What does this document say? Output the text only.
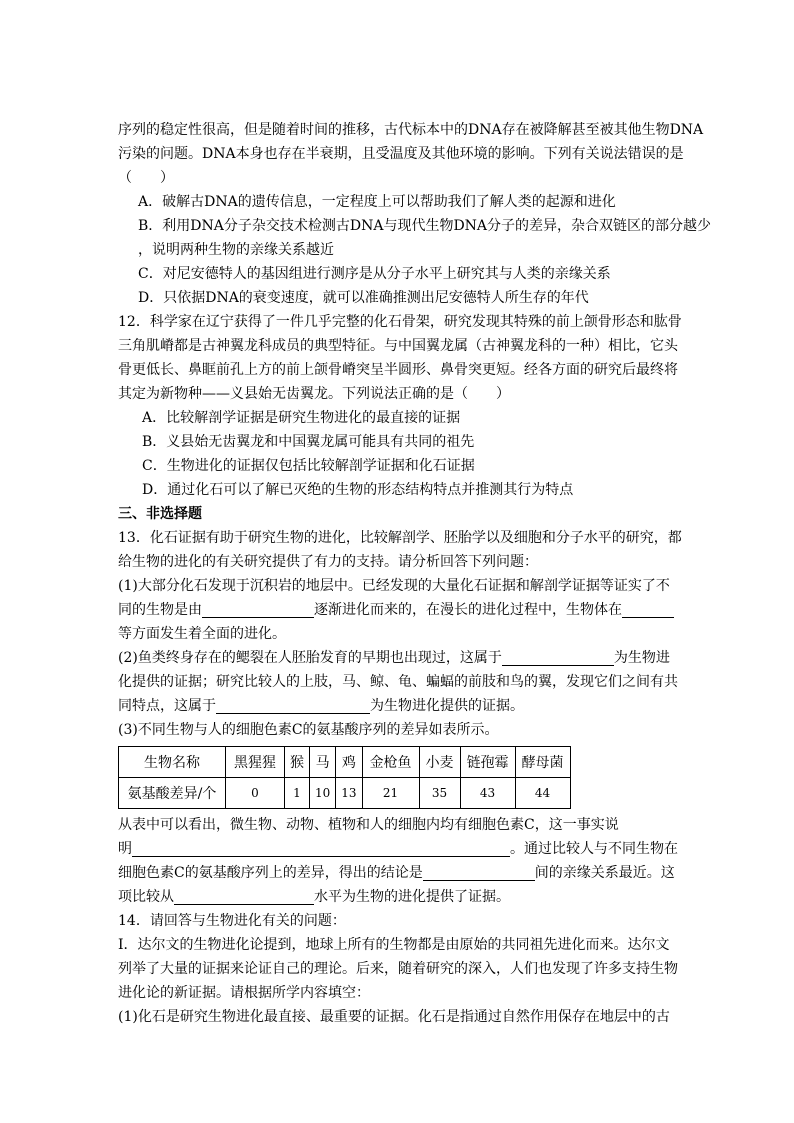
序列的稳定性很高，但是随着时间的推移，古代标本中的DNA存在被降解甚至被其他生物DNA

污染的问题。DNA本身也存在半衰期，且受温度及其他环境的影响。下列有关说法错误的是

（　　）

A．破解古DNA的遗传信息，一定程度上可以帮助我们了解人类的起源和进化

B．利用DNA分子杂交技术检测古DNA与现代生物DNA分子的差异，杂合双链区的部分越少

，说明两种生物的亲缘关系越近

C．对尼安德特人的基因组进行测序是从分子水平上研究其与人类的亲缘关系

D．只依据DNA的衰变速度，就可以准确推测出尼安德特人所生存的年代

12．科学家在辽宁获得了一件几乎完整的化石骨架，研究发现其特殊的前上颌骨形态和肱骨

三角肌嵴都是古神翼龙科成员的典型特征。与中国翼龙属（古神翼龙科的一种）相比，它头

骨更低长、鼻眶前孔上方的前上颌骨嵴突呈半圆形、鼻骨突更短。经各方面的研究后最终将

其定为新物种——义县始无齿翼龙。下列说法正确的是（　　）

A．比较解剖学证据是研究生物进化的最直接的证据

B．义县始无齿翼龙和中国翼龙属可能具有共同的祖先

C．生物进化的证据仅包括比较解剖学证据和化石证据

D．通过化石可以了解已灭绝的生物的形态结构特点并推测其行为特点

三、非选择题

13．化石证据有助于研究生物的进化，比较解剖学、胚胎学以及细胞和分子水平的研究，都

给生物的进化的有关研究提供了有力的支持。请分析回答下列问题：

(1)大部分化石发现于沉积岩的地层中。已经发现的大量化石证据和解剖学证据等证实了不

同的生物是由	逐渐进化而来的，在漫长的进化过程中，生物体在

等方面发生着全面的进化。

(2)鱼类终身存在的鳃裂在人胚胎发育的早期也出现过，这属于	为生物进

化提供的证据；研究比较人的上肢，马、鲸、龟、蝙蝠的前肢和鸟的翼，发现它们之间有共

同特点，这属于	为生物进化提供的证据。

(3)不同生物与人的细胞色素C的氨基酸序列的差异如表所示。

生物名称	黑猩猩	猴	马	鸡	金枪鱼	小麦	链孢霉	酵母菌
氨基酸差异/个	0	1	10	13	21	35	43	44

从表中可以看出，微生物、动物、植物和人的细胞内均有细胞色素C，这一事实说

明	。通过比较人与不同生物在

细胞色素C的氨基酸序列上的差异，得出的结论是	间的亲缘关系最近。这

项比较从	水平为生物的进化提供了证据。

14．请回答与生物进化有关的问题：

Ⅰ．达尔文的生物进化论提到，地球上所有的生物都是由原始的共同祖先进化而来。达尔文

列举了大量的证据来论证自己的理论。后来，随着研究的深入，人们也发现了许多支持生物

进化论的新证据。请根据所学内容填空：

(1)化石是研究生物进化最直接、最重要的证据。化石是指通过自然作用保存在地层中的古
